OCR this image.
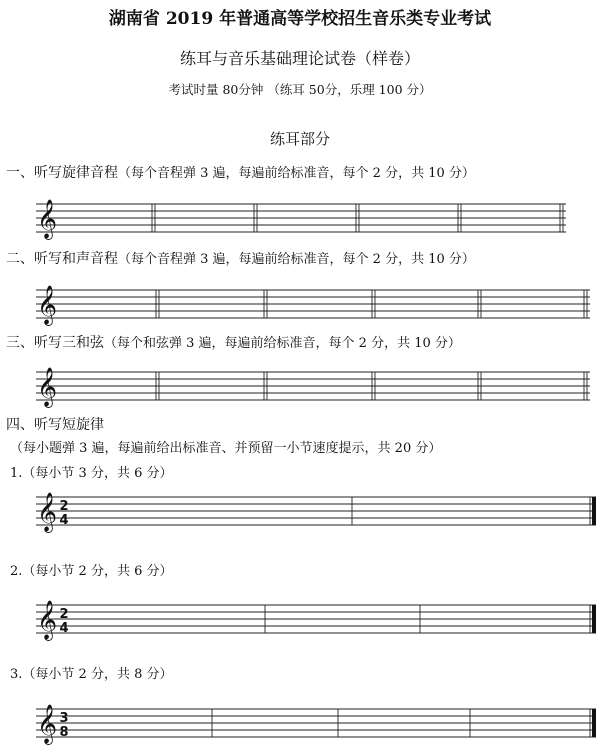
湖南省 2019 年普通高等学校招生音乐类专业考试
练耳与音乐基础理论试卷（样卷）
考试时量 80分钟 （练耳 50分，乐理 100 分）
练耳部分
一、听写旋律音程（每个音程弹 3 遍，每遍前给标准音，每个 2 分，共 10 分）
二、听写和声音程（每个音程弹 3 遍，每遍前给标准音，每个 2 分，共 10 分）
三、听写三和弦（每个和弦弹 3 遍，每遍前给标准音，每个 2 分，共 10 分）
四、听写短旋律
（每小题弹 3 遍，每遍前给出标准音、并预留一小节速度提示，共 20 分）
1.（每小节 3 分，共 6 分）
2.（每小节 2 分，共 6 分）
3.（每小节 2 分，共 8 分）
𝄞
𝄞
𝄞
𝄞
𝄞
𝄞
2
4
2
4
3
8
